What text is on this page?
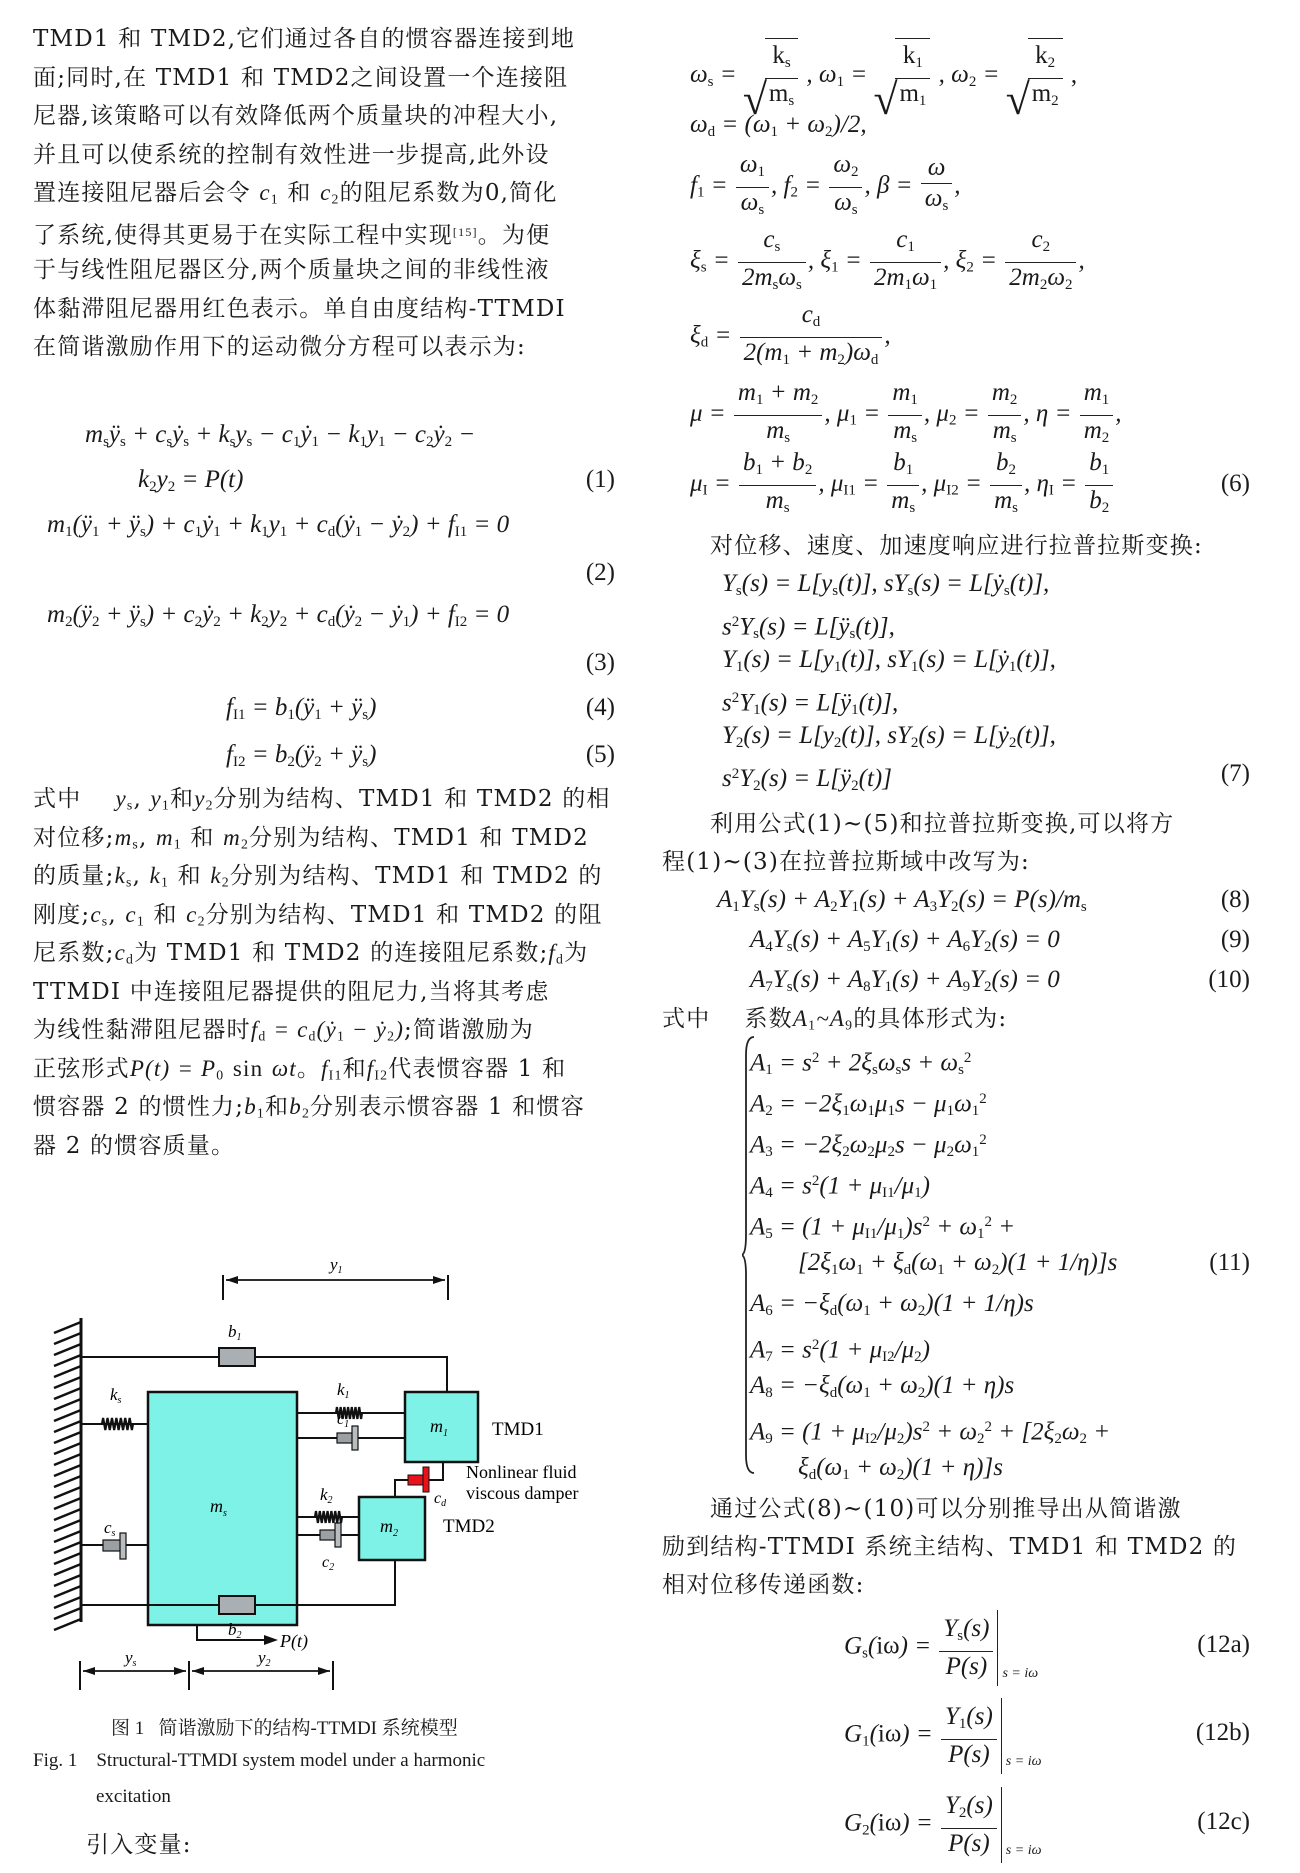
TMD1 和 TMD2,它们通过各自的惯容器连接到地
面;同时,在 TMD1 和 TMD2之间设置一个连接阻
尼器,该策略可以有效降低两个质量块的冲程大小,
并且可以使系统的控制有效性进一步提高,此外设
置连接阻尼器后会令 $c_1$ 和 $c_2$的阻尼系数为0,简化
了系统,使得其更易于在实际工程中实现[15]。为便
于与线性阻尼器区分,两个质量块之间的非线性液
体黏滞阻尼器用红色表示。单自由度结构-TTMDI
在简谐激励作用下的运动微分方程可以表示为:
$m_sÿ_s$ + $c_sẏ_s + k_sy_s$ − $c_1ẏ_1 - k_1y_1$ − $c_2ẏ_2$ −
$k_2y_2 = P(t)$	(1)
$m_1(ÿ_1$ + $ÿ_s$) + $c_1ẏ_1 + k_1y_1$ + $c_d(ẏ_1$ − ẏ$_2$) + $f_{I1} = 0$
(2)
$m_2(ÿ_2$ + $ÿ_s$) + $c_2ẏ_2 + k_2y_2$ + $c_d(ẏ_2$ − ẏ$_1$) + $f_{I2} = 0$
(3)
$f_{I1}$ = $b_1(ÿ_1$ + $ÿ_s$)	(4)
$f_{I2}$ = $b_2(ÿ_2$ + $ÿ_s$)	(5)
式中 $y_s$, $y_1$和$y_2$分别为结构、TMD1 和 TMD2 的相
对位移$;m_s$, $m_1$ 和 $m_2$分别为结构、TMD1 和 TMD2
的质量$;k_s$, $k_1$ 和 $k_2$分别为结构、TMD1 和 TMD2 的
刚度$;c_s$, $c_1$ 和 $c_2$分别为结构、TMD1 和 TMD2 的阻
尼系数$;c_d$为 TMD1 和 TMD2 的连接阻尼系数$;f_d$为
TTMDI 中连接阻尼器提供的阻尼力,当将其考虑
为线性黏滞阻尼器时$f_d$ = $c_d(ẏ_1$ − ẏ$_2$);简谐激励为
正弦形式$P(t) = P_0$ sin ωt。$f_{I1}$和$f_{I2}$代表惯容器 1 和
惯容器 2 的惯性力$;b_1$和$b_2$分别表示惯容器 1 和惯容
器 2 的惯容质量。
y1
b1
$m_s$
ks
cs
$m_1$ TMD1
k1
c1
cd
Nonlinear fluid
viscous damper
$m_2$ TMD2
k2
c2
P(t)
b2
ys	y2
图 1 简谐激励下的结构-TTMDI 系统模型
Fig. 1 Structural-TTMDI system model under a harmonic
excitation
引入变量:
$\omega_s$ = √ $\frac{k_s}{m_s}$ , $\omega_1$ = √ $\frac{k_1}{m_1}$ , $\omega_2$ = √ $\frac{k_2}{m_2}$ ,
$\omega_d = (\omega_1 + \omega_2)/2$,
$f_1 = \frac{\omega_1}{\omega_s}$ , $f_2 = \frac{\omega_2}{\omega_s}$ , $\beta = \frac{\omega}{\omega_s}$ ,
$\xi_s = \frac{c_s}{2m_s\omega_s}$ , $\xi_1 = \frac{c_1}{2m_1\omega_1}$ , $\xi_2 = \frac{c_2}{2m_2\omega_2}$ ,
$\xi_d = \frac{c_d}{2(m_1 + m_2)\omega_d}$ ,
$\mu = \frac{m_1 + m_2}{m_s}$ , $\mu_1 = \frac{m_1}{m_s}$ , $\mu_2 = \frac{m_2}{m_s}$ , $\eta = \frac{m_1}{m_2}$ ,
$\mu_I = \frac{b_1 + b_2}{m_s}$ , $\mu_{I1} = \frac{b_1}{m_s}$ , $\mu_{I2} = \frac{b_2}{m_s}$ , $\eta_I = \frac{b_1}{b_2}$	(6)
对位移、速度、加速度响应进行拉普拉斯变换:
$Y_s(s) = L[y_s(t)]$, $sY_s(s)$ = L[ẏ$_s$(t)],
$s^2Y_s(s)$ = $L[ÿ_s(t)]$,
$Y_1(s) = L[y_1(t)]$, $sY_1(s)$ = L[ẏ$_1$(t)],
$s^2Y_1(s)$ = $L[ÿ_1(t)]$,
$Y_2(s) = L[y_2(t)]$, $sY_2(s)$ = L[ẏ$_2$(t)],
$s^2Y_2(s)$ = $L[ÿ_2(t)]$	(7)
利用公式(1)~(5)和拉普拉斯变换,可以将方
程(1)~(3)在拉普拉斯域中改写为:
$A_1Y_s(s) + A_2Y_1(s) + A_3Y_2(s) = P(s)/m_s$	(8)
$A_4Y_s(s) + A_5Y_1(s) + A_6Y_2(s) = 0$	(9)
$A_7Y_s(s) + A_8Y_1(s) + A_9Y_2(s) = 0$	(10)
式中 系数$A_1\sim A_9$的具体形式为:
$A_1 = s^2 + 2\xi_s\omega_ss + \omega_s^2$
$A_2 = -2\xi_1\omega_1\mu_1s - \mu_1\omega_1^2$
$A_3 = -2\xi_2\omega_2\mu_2s - \mu_2\omega_1^2$
$A_4 = s^2(1 + \mu_{I1}/\mu_1)$
$A_5 = (1 + \mu_{I1}/\mu_1)s^2 + \omega_1^2$ +
$[2\xi_1\omega_1 + \xi_d(\omega_1 + \omega_2)(1 + 1/\eta)]s$	(11)
$A_6 = -\xi_d(\omega_1 + \omega_2)(1 + 1/\eta)s$
$A_7 = s^2(1 + \mu_{I2}/\mu_2)$
$A_8 = -\xi_d(\omega_1 + \omega_2)(1 + \eta)s$
$A_9 = (1 + \mu_{I2}/\mu_2)s^2 + \omega_2^2 + [2\xi_2\omega_2$ +
$\xi_d(\omega_1 + \omega_2)(1 + \eta)]s$
通过公式(8)~(10)可以分别推导出从简谐激
励到结构-TTMDI 系统主结构、TMD1 和 TMD2 的
相对位移传递函数:
$G_s(i\omega) = \frac{Y_s(s)}{P(s)}$ s = iω
(12a)
$G_1(i\omega) = \frac{Y_1(s)}{P(s)}$ s = iω
(12b)
$G_2(i\omega) = \frac{Y_2(s)}{P(s)}$ s = iω
(12c)
